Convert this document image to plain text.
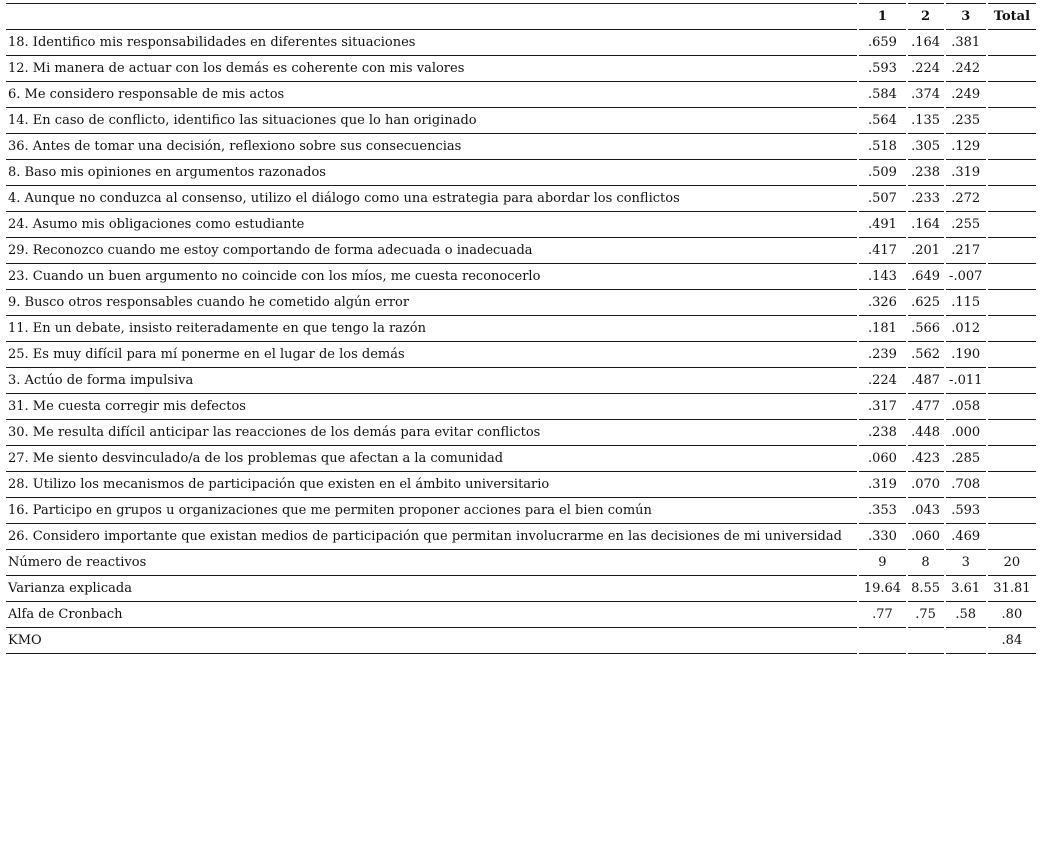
	1	2	3	Total
18. Identifico mis responsabilidades en diferentes situaciones	.659	.164	.381	
12. Mi manera de actuar con los demás es coherente con mis valores	.593	.224	.242	
6. Me considero responsable de mis actos	.584	.374	.249	
14. En caso de conflicto, identifico las situaciones que lo han originado	.564	.135	.235	
36. Antes de tomar una decisión, reflexiono sobre sus consecuencias	.518	.305	.129	
8. Baso mis opiniones en argumentos razonados	.509	.238	.319	
4. Aunque no conduzca al consenso, utilizo el diálogo como una estrategia para abordar los conflictos	.507	.233	.272	
24. Asumo mis obligaciones como estudiante	.491	.164	.255	
29. Reconozco cuando me estoy comportando de forma adecuada o inadecuada	.417	.201	.217	
23. Cuando un buen argumento no coincide con los míos, me cuesta reconocerlo	.143	.649	-.007	
9. Busco otros responsables cuando he cometido algún error	.326	.625	.115	
11. En un debate, insisto reiteradamente en que tengo la razón	.181	.566	.012	
25. Es muy difícil para mí ponerme en el lugar de los demás	.239	.562	.190	
3. Actúo de forma impulsiva	.224	.487	-.011	
31. Me cuesta corregir mis defectos	.317	.477	.058	
30. Me resulta difícil anticipar las reacciones de los demás para evitar conflictos	.238	.448	.000	
27. Me siento desvinculado/a de los problemas que afectan a la comunidad	.060	.423	.285	
28. Utilizo los mecanismos de participación que existen en el ámbito universitario	.319	.070	.708	
16. Participo en grupos u organizaciones que me permiten proponer acciones para el bien común	.353	.043	.593	
26. Considero importante que existan medios de participación que permitan involucrarme en las decisiones de mi universidad	.330	.060	.469	
Número de reactivos	9	8	3	20
Varianza explicada	19.64	8.55	3.61	31.81
Alfa de Cronbach	.77	.75	.58	.80
KMO				.84
